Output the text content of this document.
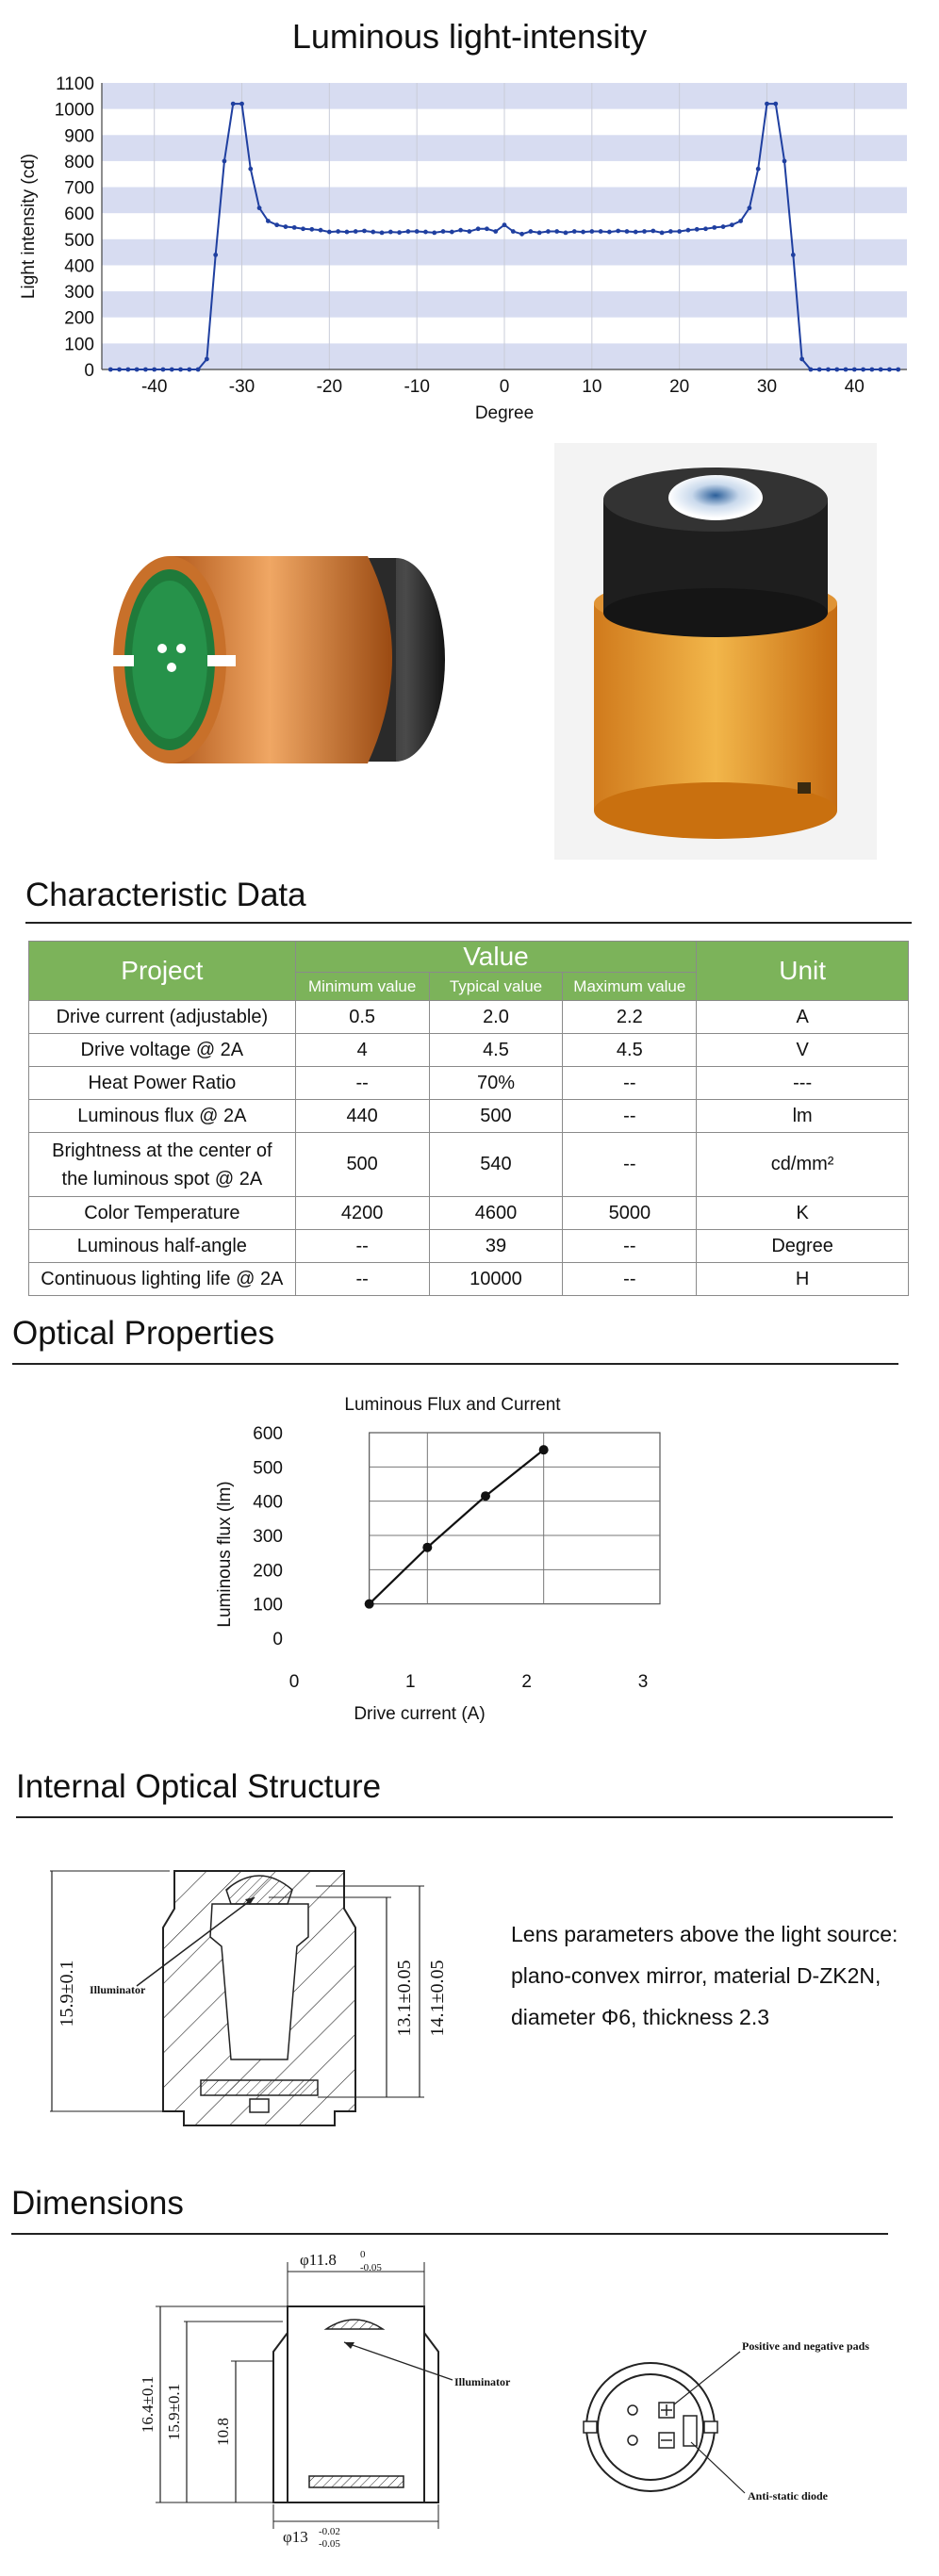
Luminous light-intensity
0
100
200
300
400
500
600
700
800
900
1000
1100
-40	-30	-20	-10	0	10	20	30	40
Degree
Light intensity (cd)
Characteristic Data
Project	Value			Unit
	Minimum value	Typical value	Maximum value	
Drive current (adjustable)	0.5	2.0	2.2	A
Drive voltage @ 2A	4	4.5	4.5	V
Heat Power Ratio	--	70%	--	---
Luminous flux @ 2A	440	500	--	lm
Brightness at the center of the luminous spot @ 2A	500	540	--	cd/mm²
Color Temperature	4200	4600	5000	K
Luminous half-angle	--	39	--	Degree
Continuous lighting life @ 2A	--	10000	--	H
Optical Properties
Luminous Flux and Current
0
100
200
300
400
500
600
0	1	2	3
Drive current (A)
Luminous flux (lm)
Internal Optical Structure
Illuminator
15.9±0.1	13.1±0.05 14.1±0.05
Lens parameters above the light source:
plano-convex mirror, material D-ZK2N,
diameter Φ6, thickness 2.3
Dimensions
φ11.8 0
-0.05
Illuminator
16.4±0.1 15.9±0.1 10.8
φ13 -0.02
-0.05
Positive and negative pads
Anti-static diode
